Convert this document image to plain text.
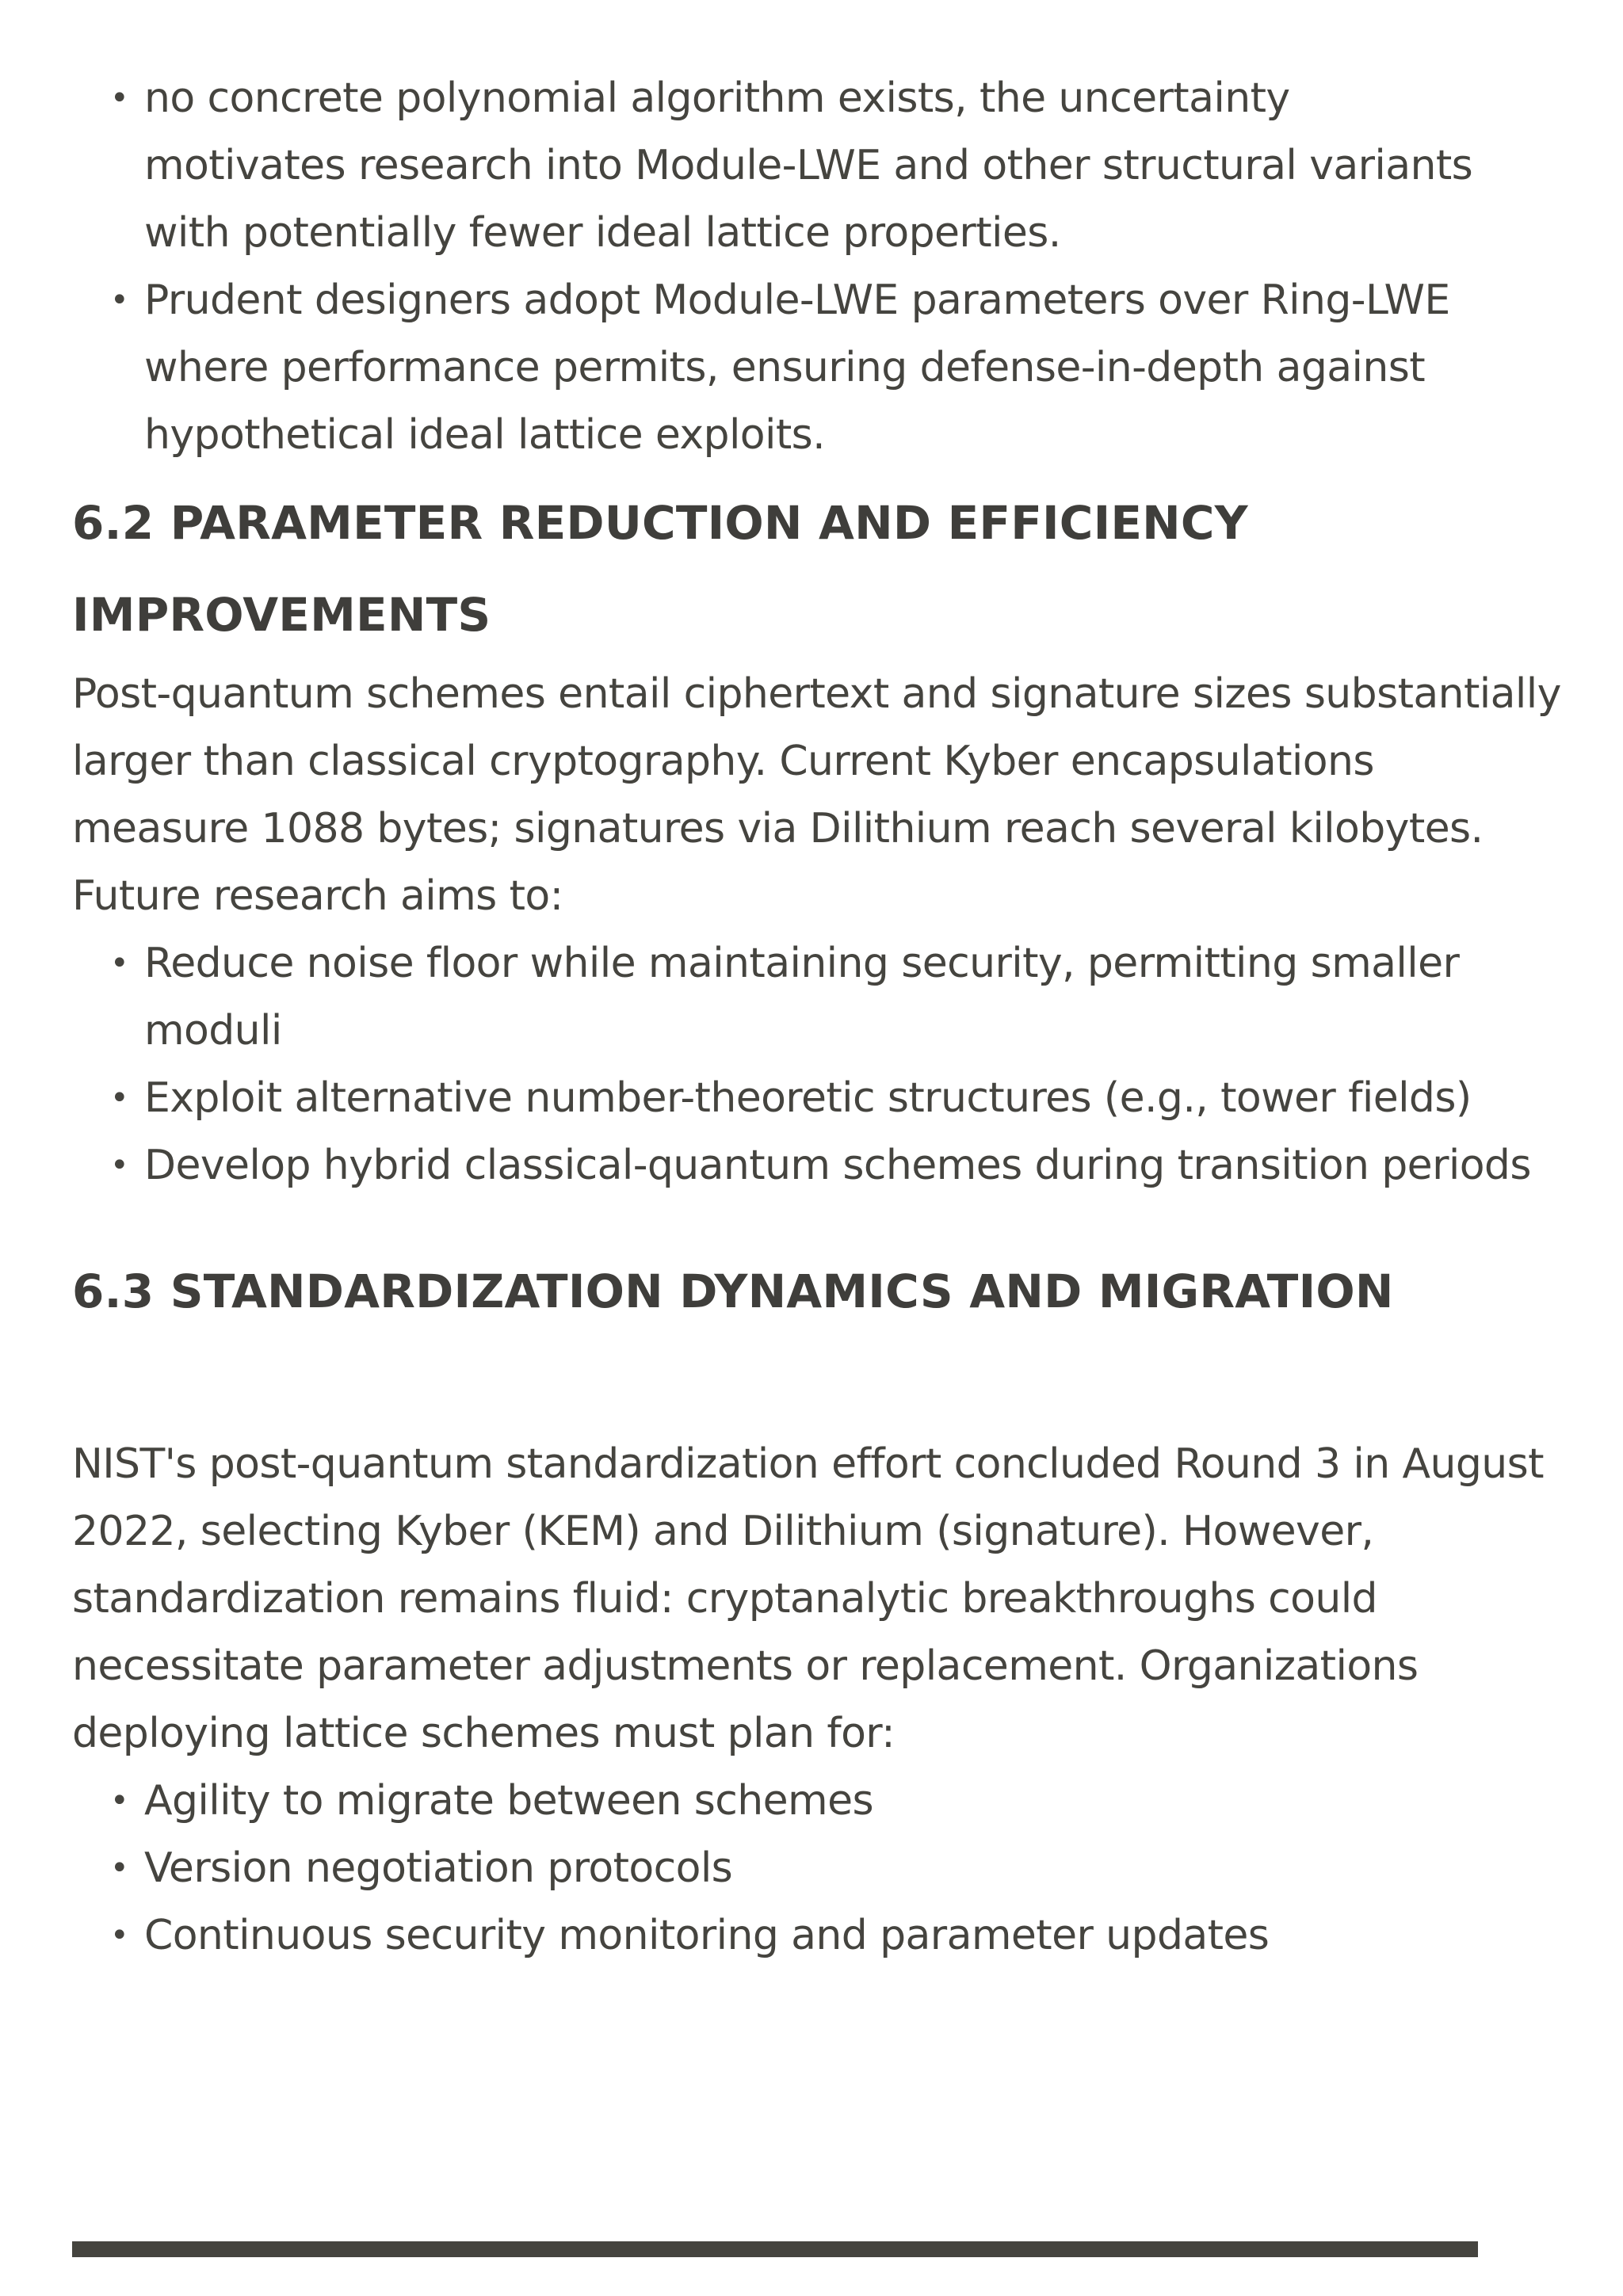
• no concrete polynomial algorithm exists, the uncertainty motivates research into Module-LWE and other structural variants with potentially fewer ideal lattice properties.
• Prudent designers adopt Module-LWE parameters over Ring-LWE where performance permits, ensuring defense-in-depth against hypothetical ideal lattice exploits.
6.2 PARAMETER REDUCTION AND EFFICIENCY IMPROVEMENTS

Post-quantum schemes entail ciphertext and signature sizes substantially larger than classical cryptography. Current Kyber encapsulations measure 1088 bytes; signatures via Dilithium reach several kilobytes. Future research aims to:

• Reduce noise floor while maintaining security, permitting smaller moduli
• Exploit alternative number-theoretic structures (e.g., tower fields)
• Develop hybrid classical-quantum schemes during transition periods
6.3 STANDARDIZATION DYNAMICS AND MIGRATION

NIST's post-quantum standardization effort concluded Round 3 in August 2022, selecting Kyber (KEM) and Dilithium (signature). However, standardization remains fluid: cryptanalytic breakthroughs could necessitate parameter adjustments or replacement. Organizations deploying lattice schemes must plan for:

• Agility to migrate between schemes
• Version negotiation protocols
• Continuous security monitoring and parameter updates
